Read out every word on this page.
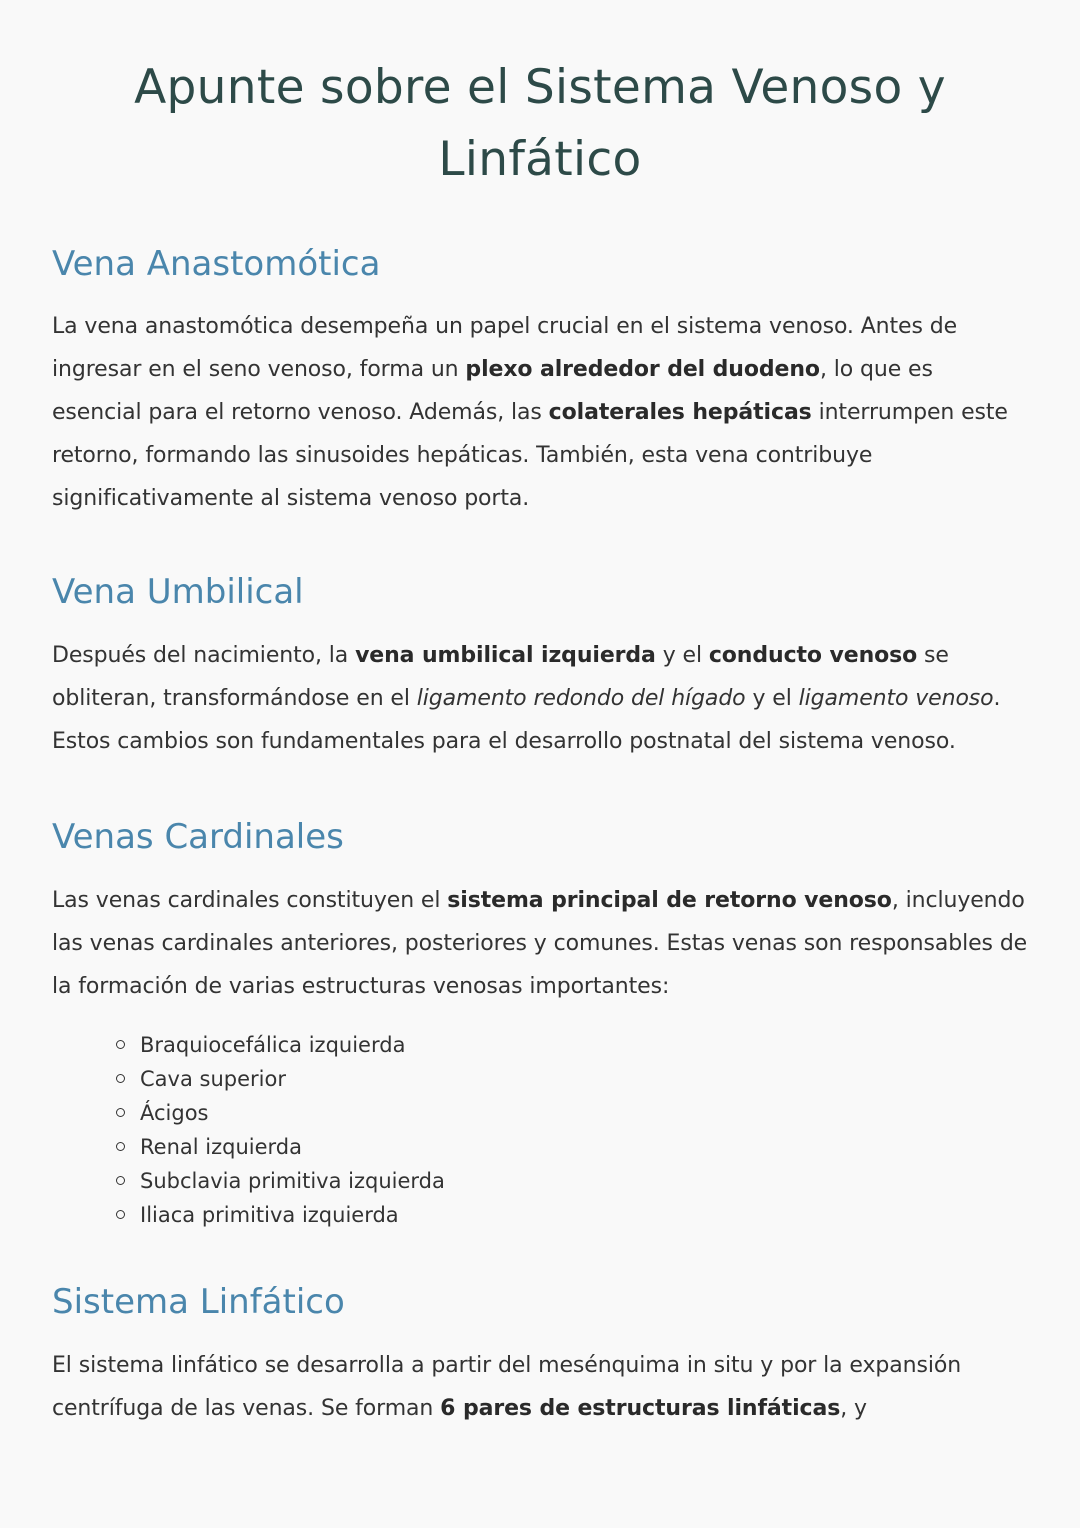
Apunte sobre el Sistema Venoso y Linfático
Vena Anastomótica

La vena anastomótica desempeña un papel crucial en el sistema venoso. Antes de ingresar en el seno venoso, forma un plexo alrededor del duodeno, lo que es esencial para el retorno venoso. Además, las colaterales hepáticas interrumpen este retorno, formando las sinusoides hepáticas. También, esta vena contribuye significativamente al sistema venoso porta.

Vena Umbilical

Después del nacimiento, la vena umbilical izquierda y el conducto venoso se obliteran, transformándose en el ligamento redondo del hígado y el ligamento venoso. Estos cambios son fundamentales para el desarrollo postnatal del sistema venoso.

Venas Cardinales

Las venas cardinales constituyen el sistema principal de retorno venoso, incluyendo las venas cardinales anteriores, posteriores y comunes. Estas venas son responsables de la formación de varias estructuras venosas importantes:

Braquiocefálica izquierda
Cava superior
Ácigos
Renal izquierda
Subclavia primitiva izquierda
Iliaca primitiva izquierda
Sistema Linfático

El sistema linfático se desarrolla a partir del mesénquima in situ y por la expansión centrífuga de las venas. Se forman 6 pares de estructuras linfáticas, y
